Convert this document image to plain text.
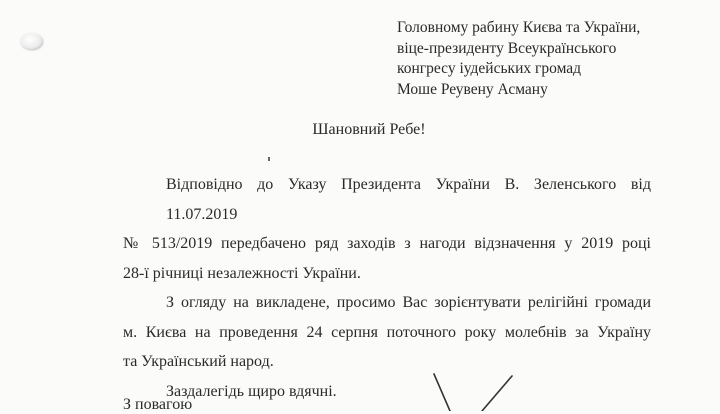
Головному рабину Києва та України,
віце-президенту Всеукраїнського
конгресу іудейських громад
Моше Реувену Асману
Шановний Ребе!

Відповідно до Указу Президента України В. Зеленського від 11.07.2019
№ 513/2019 передбачено ряд заходів з нагоди відзначення у 2019 році
28-ї річниці незалежності України.

З огляду на викладене, просимо Вас зорієнтувати релігійні громади
м. Києва на проведення 24 серпня поточного року молебнів за Україну
та Український народ.

Заздалегідь щиро вдячні.

З повагою
